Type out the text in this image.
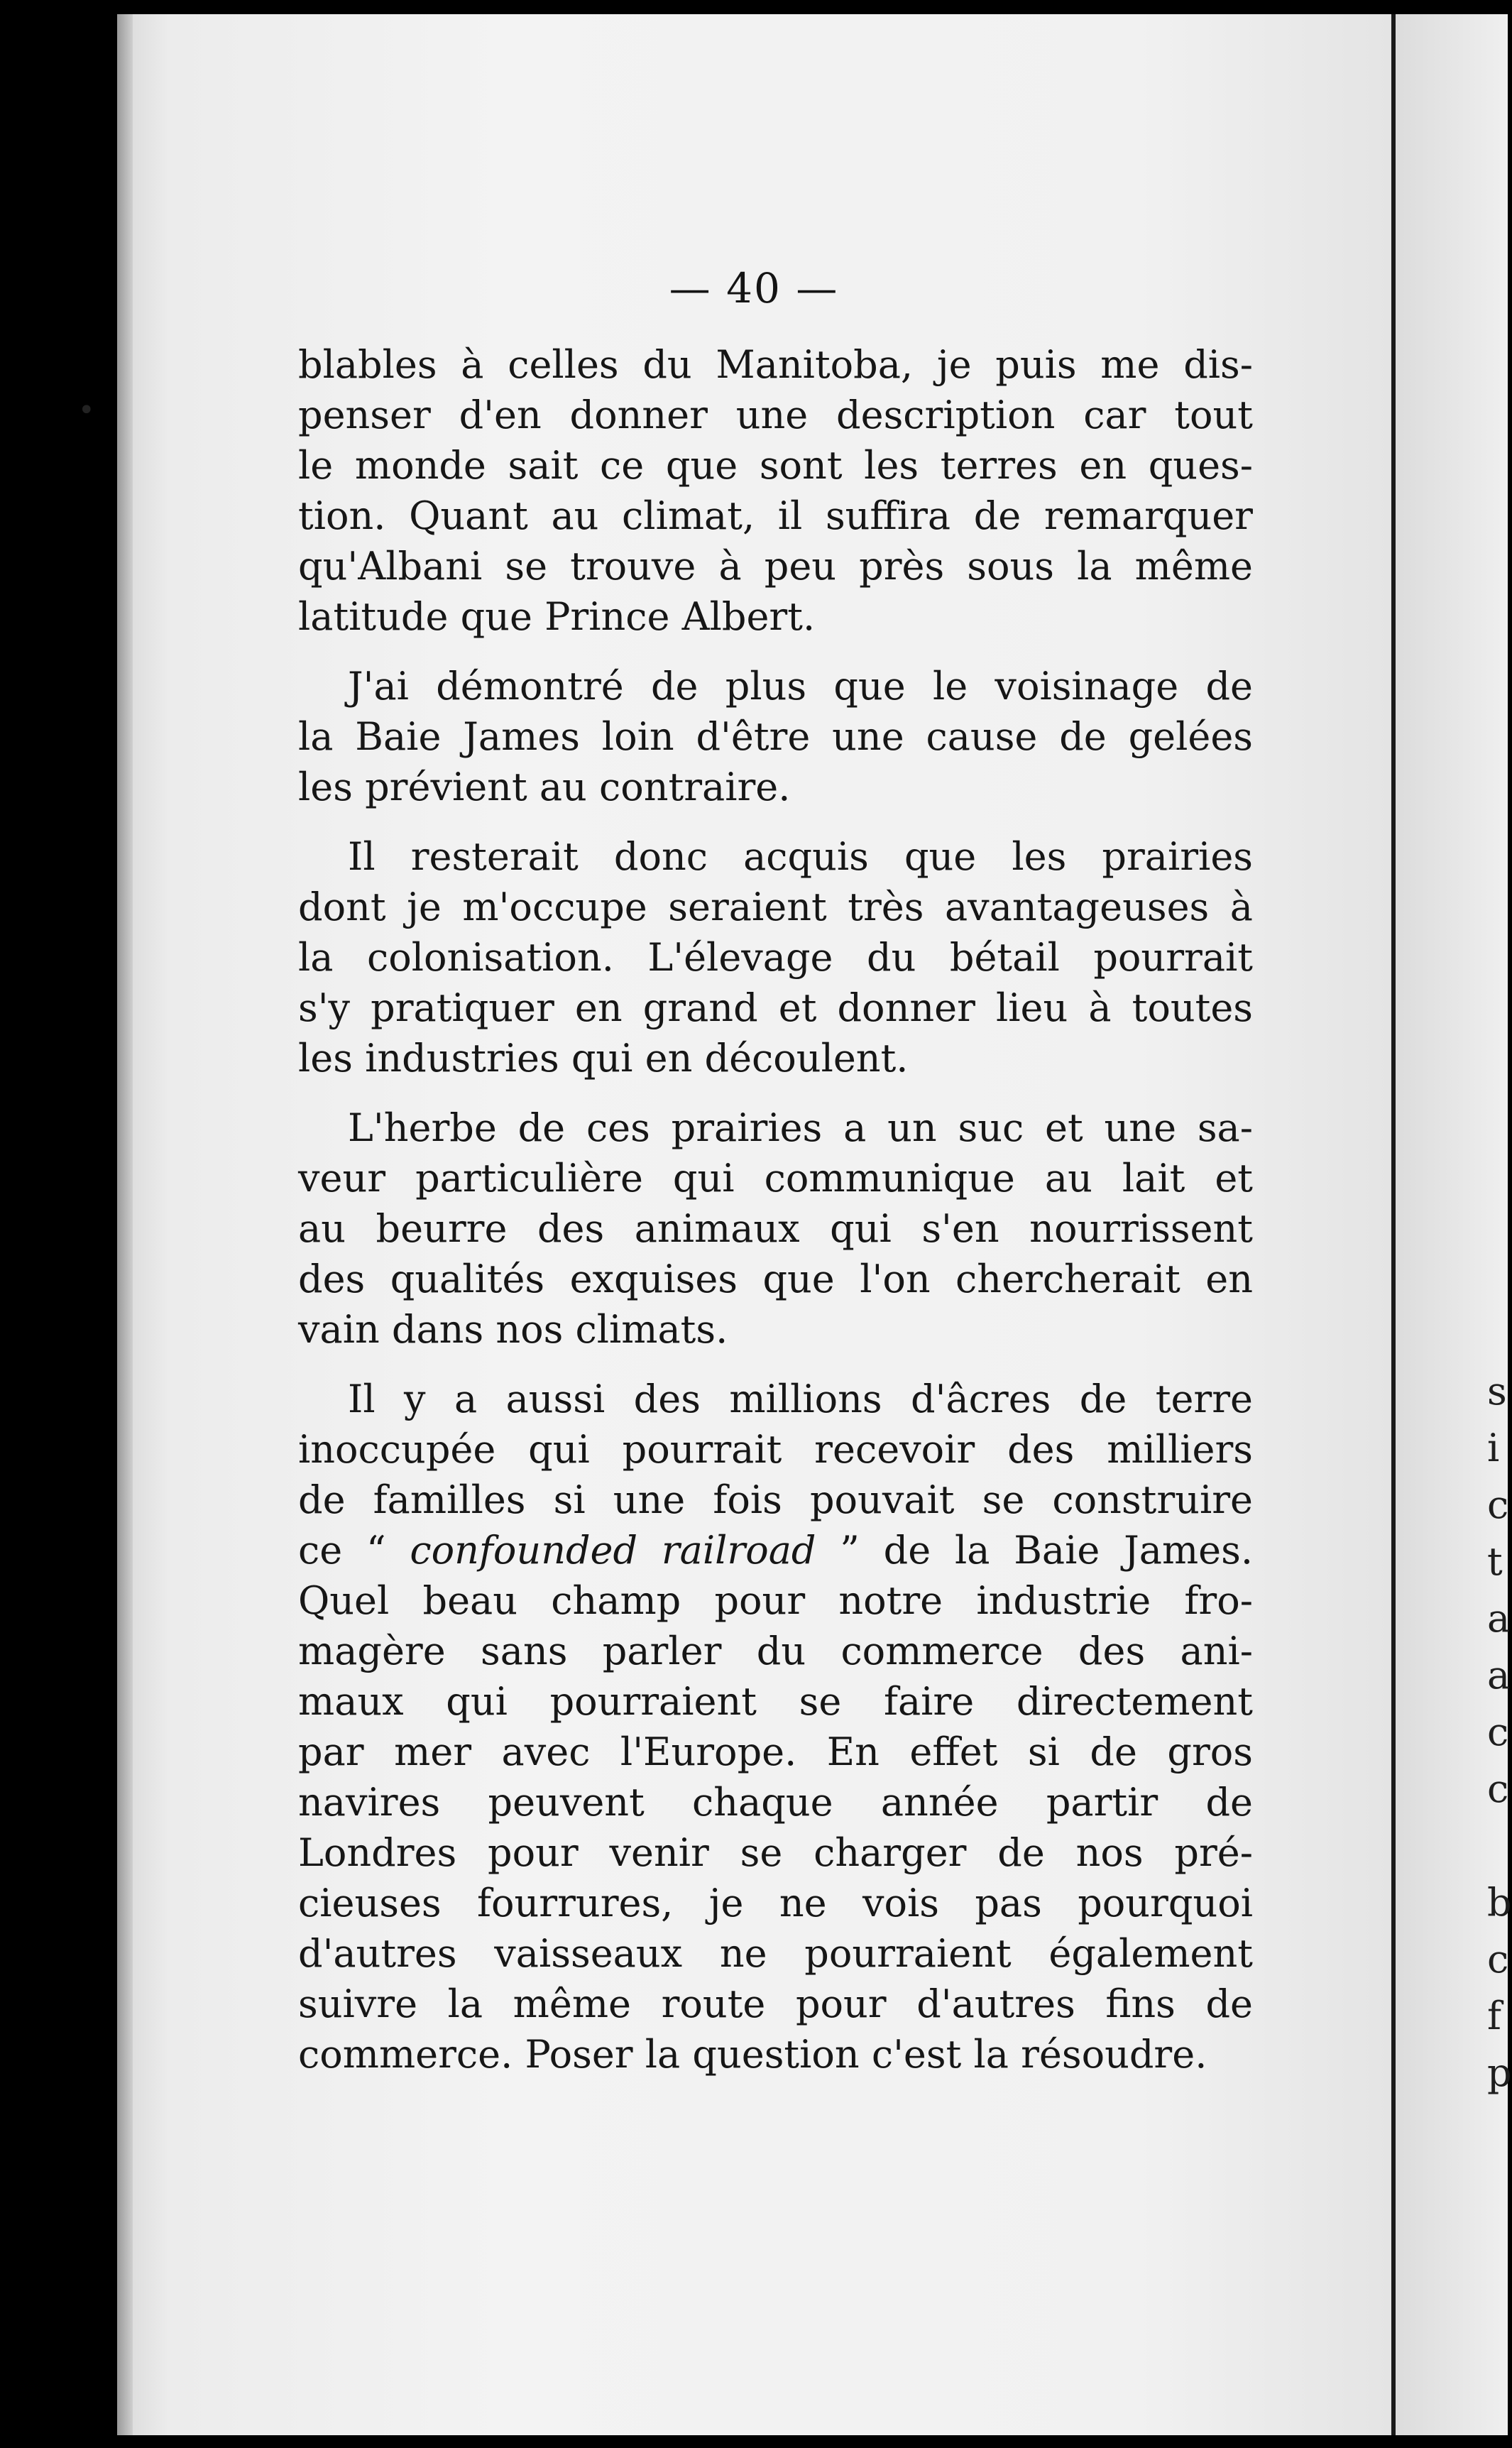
s
i
c
t
a
a
c
c
b
c
f
p
•
— 40 —

blables à celles du Manitoba, je puis me dis-
penser d'en donner une description car tout
le monde sait ce que sont les terres en ques-
tion. Quant au climat, il suffira de remarquer
qu'Albani se trouve à peu près sous la même
latitude que Prince Albert.

J'ai démontré de plus que le voisinage de
la Baie James loin d'être une cause de gelées
les prévient au contraire.

Il resterait donc acquis que les prairies
dont je m'occupe seraient très avantageuses à
la colonisation. L'élevage du bétail pourrait
s'y pratiquer en grand et donner lieu à toutes
les industries qui en découlent.

L'herbe de ces prairies a un suc et une sa-
veur particulière qui communique au lait et
au beurre des animaux qui s'en nourrissent
des qualités exquises que l'on chercherait en
vain dans nos climats.

Il y a aussi des millions d'âcres de terre
inoccupée qui pourrait recevoir des milliers
de familles si une fois pouvait se construire
ce “ confounded railroad ” de la Baie James.
Quel beau champ pour notre industrie fro-
magère sans parler du commerce des ani-
maux qui pourraient se faire directement
par mer avec l'Europe. En effet si de gros
navires peuvent chaque année partir de
Londres pour venir se charger de nos pré-
cieuses fourrures, je ne vois pas pourquoi
d'autres vaisseaux ne pourraient également
suivre la même route pour d'autres fins de
commerce. Poser la question c'est la résoudre.
